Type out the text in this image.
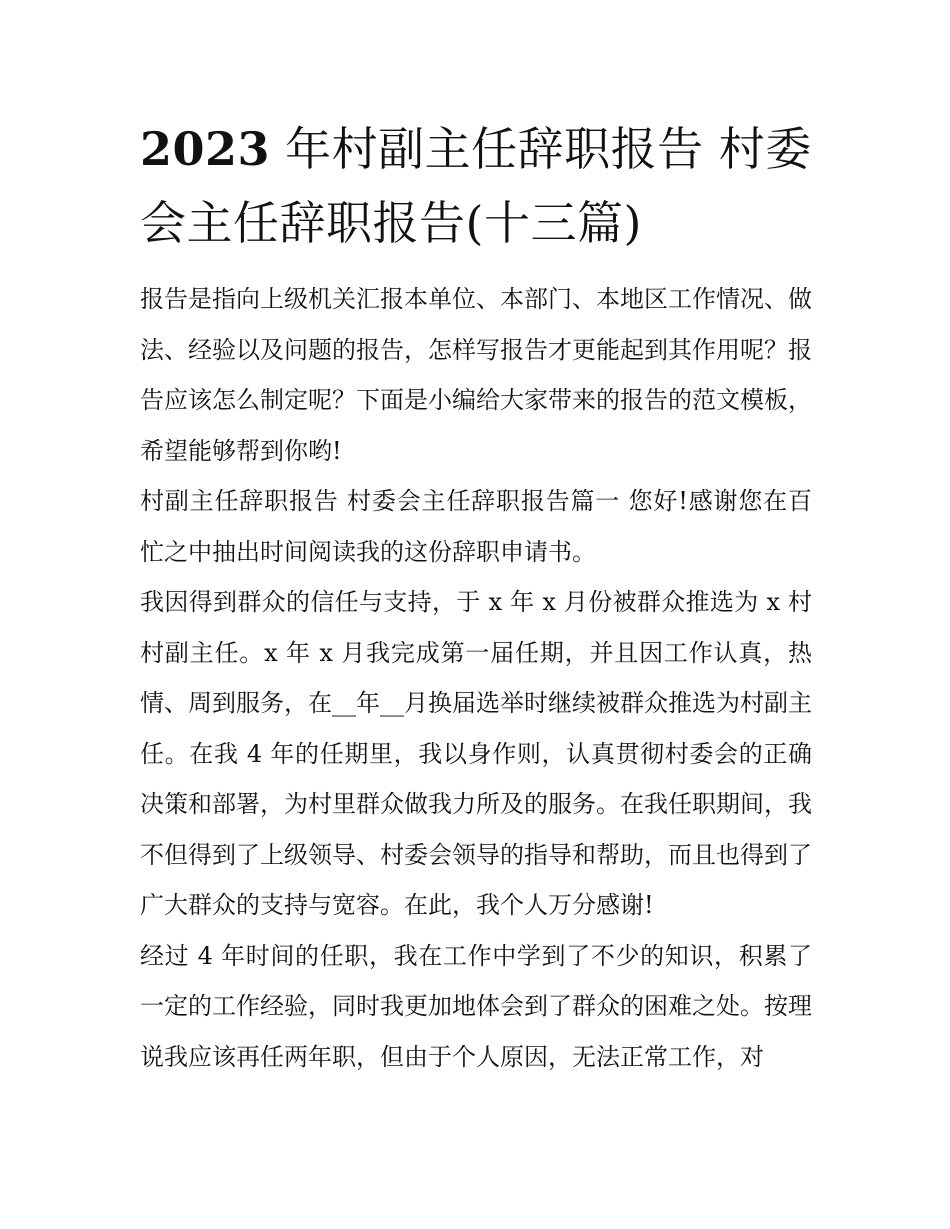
2023 年村副主任辞职报告 村委会主任辞职报告(十三篇)

报告是指向上级机关汇报本单位、本部门、本地区工作情况、做法、经验以及问题的报告，怎样写报告才更能起到其作用呢？报告应该怎么制定呢？下面是小编给大家带来的报告的范文模板，希望能够帮到你哟!

村副主任辞职报告 村委会主任辞职报告篇一 您好!感谢您在百忙之中抽出时间阅读我的这份辞职申请书。

我因得到群众的信任与支持，于 x 年 x 月份被群众推选为 x 村村副主任。x 年 x 月我完成第一届任期，并且因工作认真，热情、周到服务，在__年__月换届选举时继续被群众推选为村副主任。在我 4 年的任期里，我以身作则，认真贯彻村委会的正确决策和部署，为村里群众做我力所及的服务。在我任职期间，我不但得到了上级领导、村委会领导的指导和帮助，而且也得到了广大群众的支持与宽容。在此，我个人万分感谢!

经过 4 年时间的任职，我在工作中学到了不少的知识，积累了一定的工作经验，同时我更加地体会到了群众的困难之处。按理说我应该再任两年职，但由于个人原因，无法正常工作，对
